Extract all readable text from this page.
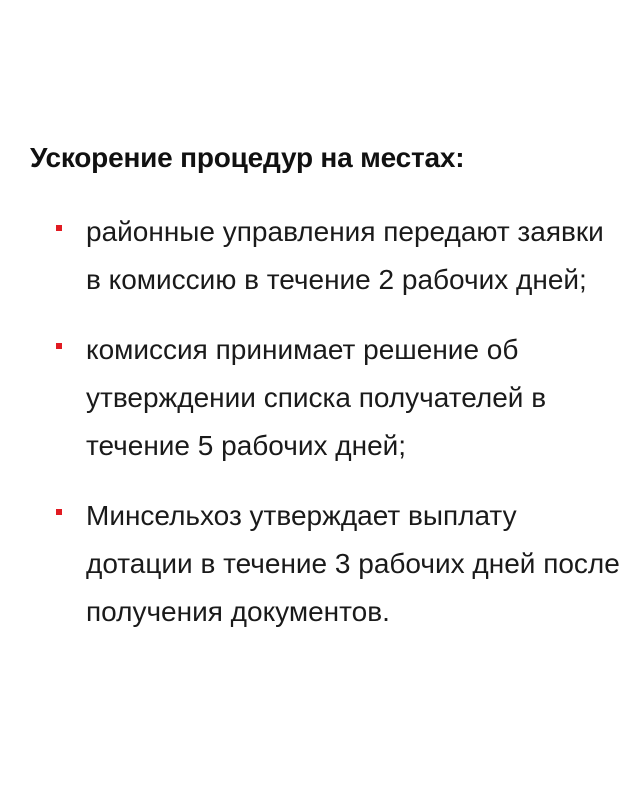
Ускорение процедур на местах:
районные управления передают заявки в комиссию в течение 2 рабочих дней;
комиссия принимает решение об утверждении списка получателей в течение 5 рабочих дней;
Минсельхоз утверждает выплату дотации в течение 3 рабочих дней после получения документов.
